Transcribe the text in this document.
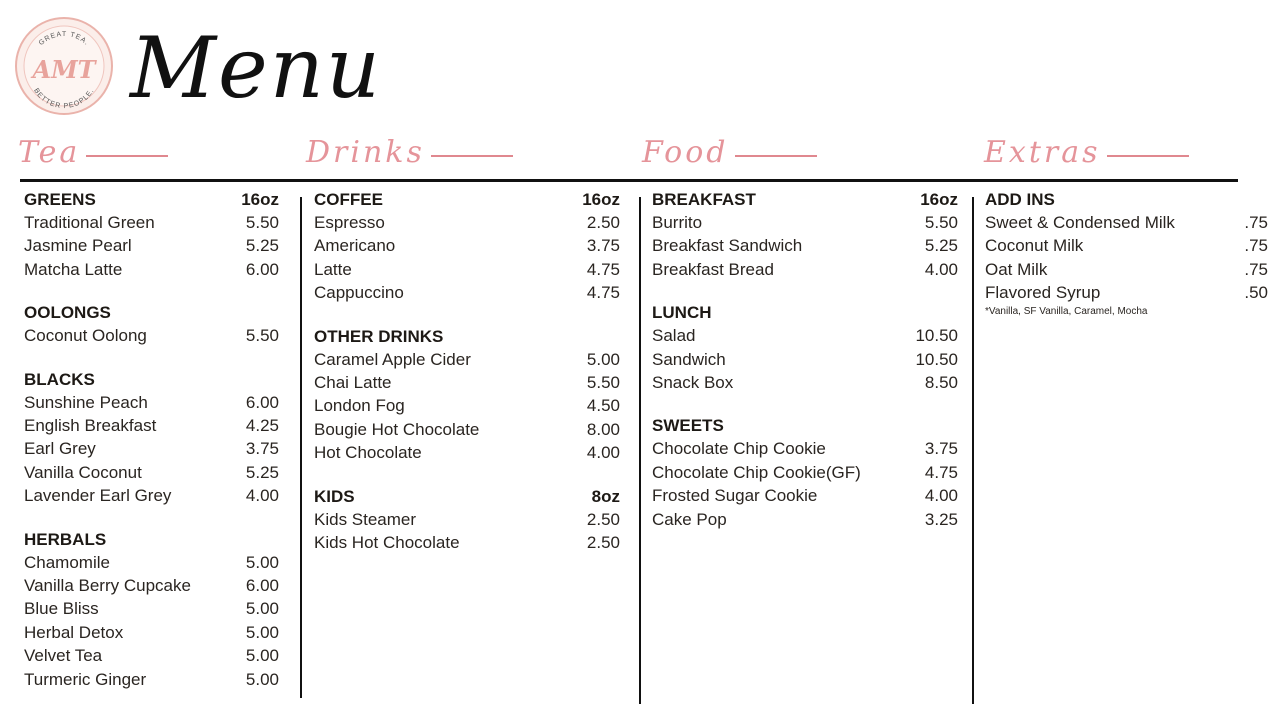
GREAT TEA.
BETTER PEOPLE.
AMT Menu
Tea	Drinks	Food	Extras
GREENS	16oz
Traditional Green	5.50
Jasmine Pearl	5.25
Matcha Latte	6.00
OOLONGS
Coconut Oolong	5.50
BLACKS
Sunshine Peach	6.00
English Breakfast	4.25
Earl Grey	3.75
Vanilla Coconut	5.25
Lavender Earl Grey	4.00
HERBALS
Chamomile	5.00
Vanilla Berry Cupcake	6.00
Blue Bliss	5.00
Herbal Detox	5.00
Velvet Tea	5.00
Turmeric Ginger	5.00
COFFEE	16oz
Espresso	2.50
Americano	3.75
Latte	4.75
Cappuccino	4.75
OTHER DRINKS
Caramel Apple Cider	5.00
Chai Latte	5.50
London Fog	4.50
Bougie Hot Chocolate	8.00
Hot Chocolate	4.00
KIDS	8oz
Kids Steamer	2.50
Kids Hot Chocolate	2.50
BREAKFAST	16oz
Burrito	5.50
Breakfast Sandwich	5.25
Breakfast Bread	4.00
LUNCH
Salad	10.50
Sandwich	10.50
Snack Box	8.50
SWEETS
Chocolate Chip Cookie	3.75
Chocolate Chip Cookie(GF)	4.75
Frosted Sugar Cookie	4.00
Cake Pop	3.25
ADD INS
Sweet & Condensed Milk	.75
Coconut Milk	.75
Oat Milk	.75
Flavored Syrup	.50
*Vanilla, SF Vanilla, Caramel, Mocha
